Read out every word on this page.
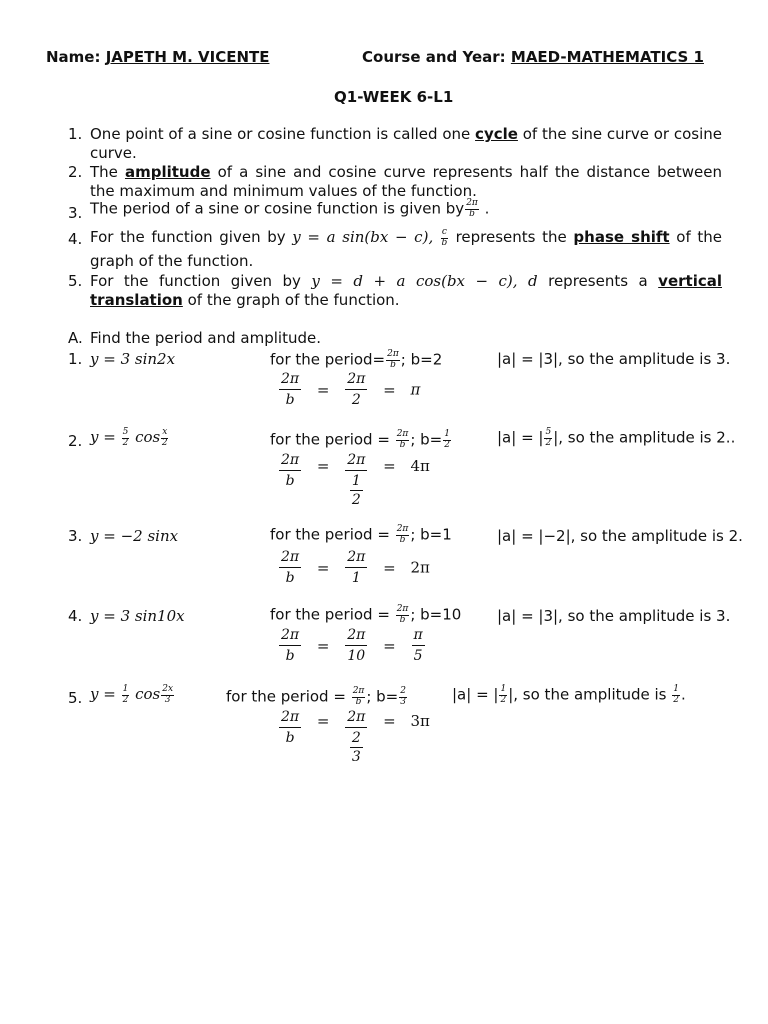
Name: JAPETH M. VICENTE	Course and Year: MAED-MATHEMATICS 1
Q1-WEEK 6-L1
1. One point of a sine or cosine function is called one cycle of the sine curve or cosine curve.
2. The amplitude of a sine and cosine curve represents half the distance between the maximum and minimum values of the function.
3. The period of a sine or cosine function is given by $\frac{2\pi}{b}$ .
4. For the function given by y = a sin(bx − c), $\frac{c}{b}$ represents the phase shift of the graph of the function.
5. For the function given by y = d + a cos(bx − c), d represents a vertical translation of the graph of the function.
A. Find the period and amplitude.
1. y = 3 sin2x	for the period= $\frac{2\pi}{b}$ ; b=2	|a| = |3|, so the amplitude is 3.
$\frac{2\pi}{b} = \frac{2\pi}{2} = \pi$
2. $y = \frac{5}{2}$ $\cos \frac{x}{2}$	for the period = $\frac{2\pi}{b}$ ; $b= \frac{1}{2}$	|a| = | $\frac{5}{2}$ |, so the amplitude is 2..
$\frac{2\pi}{b} = 2\pi$
1
2 = 4π
3. y = −2 sinx	for the period = $\frac{2\pi}{b}$ ; b=1	|a| = |−2|, so the amplitude is 2.
$\frac{2\pi}{b} = \frac{2\pi}{1} = 2\pi$
4. y = 3 sin10x	for the period = $\frac{2\pi}{b}$ ; b=10 |a| = |3|, so the amplitude is 3.
$\frac{2\pi}{b} = \frac{2\pi}{10} = \frac{\pi}{5}$
5. $y = \frac{1}{2}$ $\cos \frac{2x}{3}$	for the period = $\frac{2\pi}{b}$ ; $b= \frac{2}{3}$	|a| = | $\frac{1}{2}$ |, so the amplitude is $\frac{1}{2}$ .
$\frac{2\pi}{b} = 2\pi$
2
3 = 3π
